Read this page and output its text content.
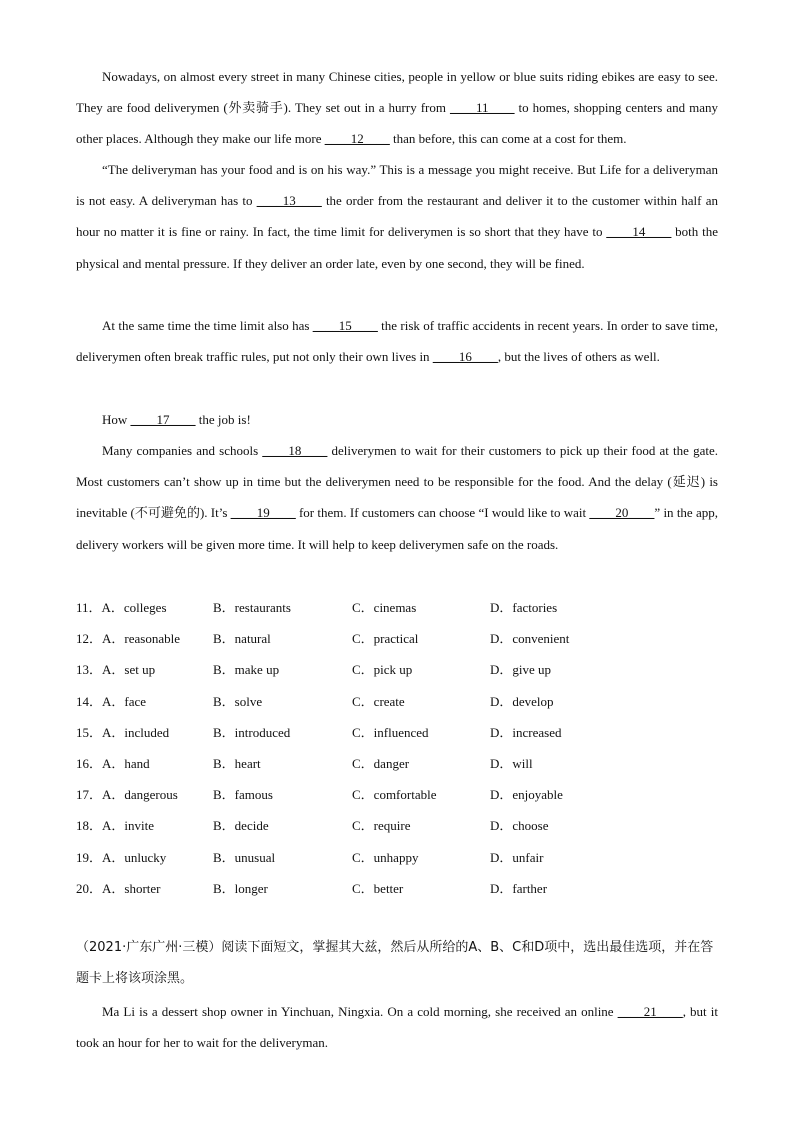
Nowadays, on almost every street in many Chinese cities, people in yellow or blue suits riding ebikes are easy to see. They are food deliverymen (外卖骑手). They set out in a hurry from ____11____ to homes, shopping centers and many other places. Although they make our life more ____12____ than before, this can come at a cost for them.

“The deliveryman has your food and is on his way.” This is a message you might receive. But Life for a deliveryman is not easy. A deliveryman has to ____13____ the order from the restaurant and deliver it to the customer within half an hour no matter it is fine or rainy. In fact, the time limit for deliverymen is so short that they have to ____14____ both the physical and mental pressure. If they deliver an order late, even by one second, they will be fined.

At the same time the time limit also has ____15____ the risk of traffic accidents in recent years. In order to save time, deliverymen often break traffic rules, put not only their own lives in ____16____, but the lives of others as well.

How ____17____ the job is!

Many companies and schools ____18____ deliverymen to wait for their customers to pick up their food at the gate. Most customers can’t show up in time but the deliverymen need to be responsible for the food. And the delay (延迟) is inevitable (不可避免的). It’s ____19____ for them. If customers can choose “I would like to wait ____20____” in the app, delivery workers will be given more time. It will help to keep deliverymen safe on the roads.

11．A．colleges	B．restaurants	C．cinemas	D．factories
12．A．reasonable	B．natural	C．practical	D．convenient
13．A．set up	B．make up	C．pick up	D．give up
14．A．face	B．solve	C．create	D．develop
15．A．included	B．introduced	C．influenced	D．increased
16．A．hand	B．heart	C．danger	D．will
17．A．dangerous	B．famous	C．comfortable	D．enjoyable
18．A．invite	B．decide	C．require	D．choose
19．A．unlucky	B．unusual	C．unhappy	D．unfair
20．A．shorter	B．longer	C．better	D．farther
（2021·广东广州·三模）阅读下面短文，掌握其大兹，然后从所给的A、B、C和D项中，选出最佳选项，并在答题卡上将该项涂黑。

Ma Li is a dessert shop owner in Yinchuan, Ningxia. On a cold morning, she received an online ____21____, but it took an hour for her to wait for the deliveryman.
